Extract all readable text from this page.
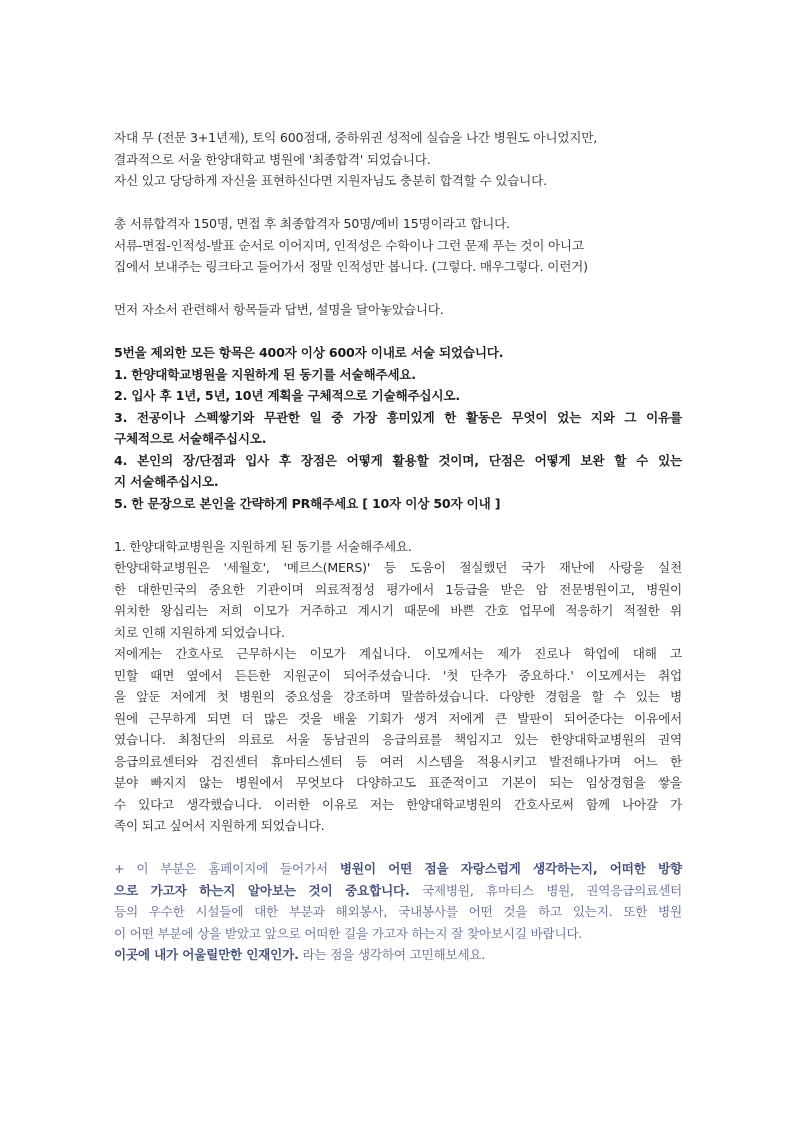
자대 무 (전문 3+1년제), 토익 600점대, 중하위권 성적에 실습을 나간 병원도 아니었지만,
결과적으로 서울 한양대학교 병원에 '최종합격' 되었습니다.
자신 있고 당당하게 자신을 표현하신다면 지원자님도 충분히 합격할 수 있습니다.
총 서류합격자 150명, 면접 후 최종합격자 50명/예비 15명이라고 합니다.
서류-면접-인적성-발표 순서로 이어지며, 인적성은 수학이나 그런 문제 푸는 것이 아니고
집에서 보내주는 링크타고 들어가서 정말 인적성만 봅니다. (그렇다. 매우그렇다. 이런거)
먼저 자소서 관련해서 항목들과 답변, 설명을 달아놓았습니다.
5번을 제외한 모든 항목은 400자 이상 600자 이내로 서술 되었습니다.
1. 한양대학교병원을 지원하게 된 동기를 서술해주세요.
2. 입사 후 1년, 5년, 10년 계획을 구체적으로 기술해주십시오.
3. 전공이나 스펙쌓기와 무관한 일 중 가장 흥미있게 한 활동은 무엇이 었는 지와 그 이유를
구체적으로 서술해주십시오.
4. 본인의 장/단점과 입사 후 장점은 어떻게 활용할 것이며, 단점은 어떻게 보완 할 수 있는
지 서술해주십시오.
5. 한 문장으로 본인을 간략하게 PR해주세요 [ 10자 이상 50자 이내 ]
1. 한양대학교병원을 지원하게 된 동기를 서술해주세요.
한양대학교병원은 '세월호', '메르스(MERS)' 등 도움이 절실했던 국가 재난에 사랑을 실천
한 대한민국의 중요한 기관이며 의료적정성 평가에서 1등급을 받은 암 전문병원이고, 병원이
위치한 왕십리는 저희 이모가 거주하고 계시기 때문에 바쁜 간호 업무에 적응하기 적절한 위
치로 인해 지원하게 되었습니다.
저에게는 간호사로 근무하시는 이모가 계십니다. 이모께서는 제가 진로나 학업에 대해 고
민할 때면 옆에서 든든한 지원군이 되어주셨습니다. '첫 단추가 중요하다.' 이모께서는 취업
을 앞둔 저에게 첫 병원의 중요성을 강조하며 말씀하셨습니다. 다양한 경험을 할 수 있는 병
원에 근무하게 되면 더 많은 것을 배울 기회가 생겨 저에게 큰 발판이 되어준다는 이유에서
였습니다. 최첨단의 의료로 서울 동남권의 응급의료를 책임지고 있는 한양대학교병원의 권역
응급의료센터와 검진센터 휴마티스센터 등 여러 시스템을 적용시키고 발전해나가며 어느 한
분야 빠지지 않는 병원에서 무엇보다 다양하고도 표준적이고 기본이 되는 임상경험을 쌓을
수 있다고 생각했습니다. 이러한 이유로 저는 한양대학교병원의 간호사로써 함께 나아갈 가
족이 되고 싶어서 지원하게 되었습니다.
+ 이 부분은 홈페이지에 들어가서 병원이 어떤 점을 자랑스럽게 생각하는지, 어떠한 방향
으로 가고자 하는지 알아보는 것이 중요합니다. 국제병원, 휴마티스 병원, 권역응급의료센터
등의 우수한 시설들에 대한 부분과 해외봉사, 국내봉사를 어떤 것을 하고 있는지. 또한 병원
이 어떤 부분에 상을 받았고 앞으로 어떠한 길을 가고자 하는지 잘 찾아보시길 바랍니다.
이곳에 내가 어울릴만한 인재인가. 라는 점을 생각하여 고민해보세요.
